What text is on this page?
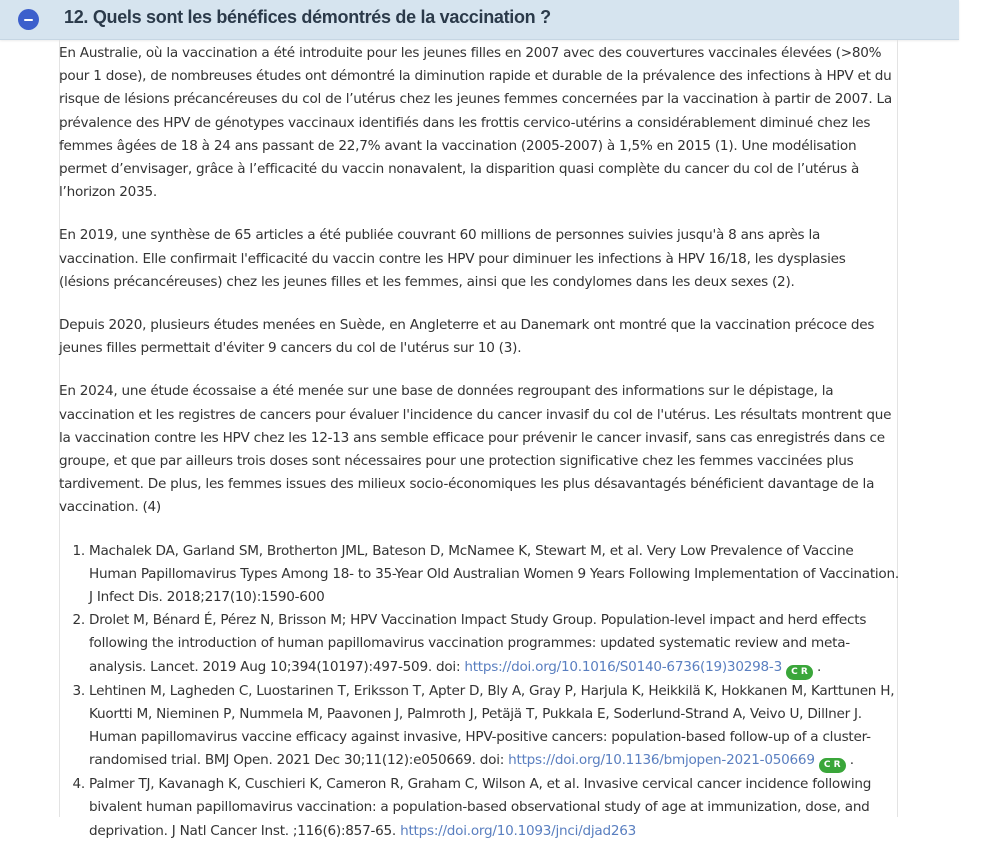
12. Quels sont les bénéfices démontrés de la vaccination ?

En Australie, où la vaccination a été introduite pour les jeunes filles en 2007 avec des couvertures vaccinales élevées (>80% pour 1 dose), de nombreuses études ont démontré la diminution rapide et durable de la prévalence des infections à HPV et du risque de lésions précancéreuses du col de l’utérus chez les jeunes femmes concernées par la vaccination à partir de 2007. La prévalence des HPV de génotypes vaccinaux identifiés dans les frottis cervico-utérins a considérablement diminué chez les femmes âgées de 18 à 24 ans passant de 22,7% avant la vaccination (2005-2007) à 1,5% en 2015 (1). Une modélisation permet d’envisager, grâce à l’efficacité du vaccin nonavalent, la disparition quasi complète du cancer du col de l’utérus à l’horizon 2035.

En 2019, une synthèse de 65 articles a été publiée couvrant 60 millions de personnes suivies jusqu'à 8 ans après la vaccination. Elle confirmait l'efficacité du vaccin contre les HPV pour diminuer les infections à HPV 16/18, les dysplasies (lésions précancéreuses) chez les jeunes filles et les femmes, ainsi que les condylomes dans les deux sexes (2).

Depuis 2020, plusieurs études menées en Suède, en Angleterre et au Danemark ont montré que la vaccination précoce des jeunes filles permettait d'éviter 9 cancers du col de l'utérus sur 10 (3).

En 2024, une étude écossaise a été menée sur une base de données regroupant des informations sur le dépistage, la vaccination et les registres de cancers pour évaluer l'incidence du cancer invasif du col de l'utérus. Les résultats montrent que la vaccination contre les HPV chez les 12-13 ans semble efficace pour prévenir le cancer invasif, sans cas enregistrés dans ce groupe, et que par ailleurs trois doses sont nécessaires pour une protection significative chez les femmes vaccinées plus tardivement. De plus, les femmes issues des milieux socio-économiques les plus désavantagés bénéficient davantage de la vaccination. (4)

1. Machalek DA, Garland SM, Brotherton JML, Bateson D, McNamee K, Stewart M, et al. Very Low Prevalence of Vaccine Human Papillomavirus Types Among 18- to 35-Year Old Australian Women 9 Years Following Implementation of Vaccination. J Infect Dis. 2018;217(10):1590-600
2. Drolet M, Bénard É, Pérez N, Brisson M; HPV Vaccination Impact Study Group. Population-level impact and herd effects following the introduction of human papillomavirus vaccination programmes: updated systematic review and meta-analysis. Lancet. 2019 Aug 10;394(10197):497-509. doi: https://doi.org/10.1016/S0140-6736(19)30298-3 C R .
3. Lehtinen M, Lagheden C, Luostarinen T, Eriksson T, Apter D, Bly A, Gray P, Harjula K, Heikkilä K, Hokkanen M, Karttunen H, Kuortti M, Nieminen P, Nummela M, Paavonen J, Palmroth J, Petäjä T, Pukkala E, Soderlund-Strand A, Veivo U, Dillner J. Human papillomavirus vaccine efficacy against invasive, HPV-positive cancers: population-based follow-up of a cluster-randomised trial. BMJ Open. 2021 Dec 30;11(12):e050669. doi: https://doi.org/10.1136/bmjopen-2021-050669 C R .
4. Palmer TJ, Kavanagh K, Cuschieri K, Cameron R, Graham C, Wilson A, et al. Invasive cervical cancer incidence following bivalent human papillomavirus vaccination: a population-based observational study of age at immunization, dose, and deprivation. J Natl Cancer Inst. ;116(6):857-65. https://doi.org/10.1093/jnci/djad263
